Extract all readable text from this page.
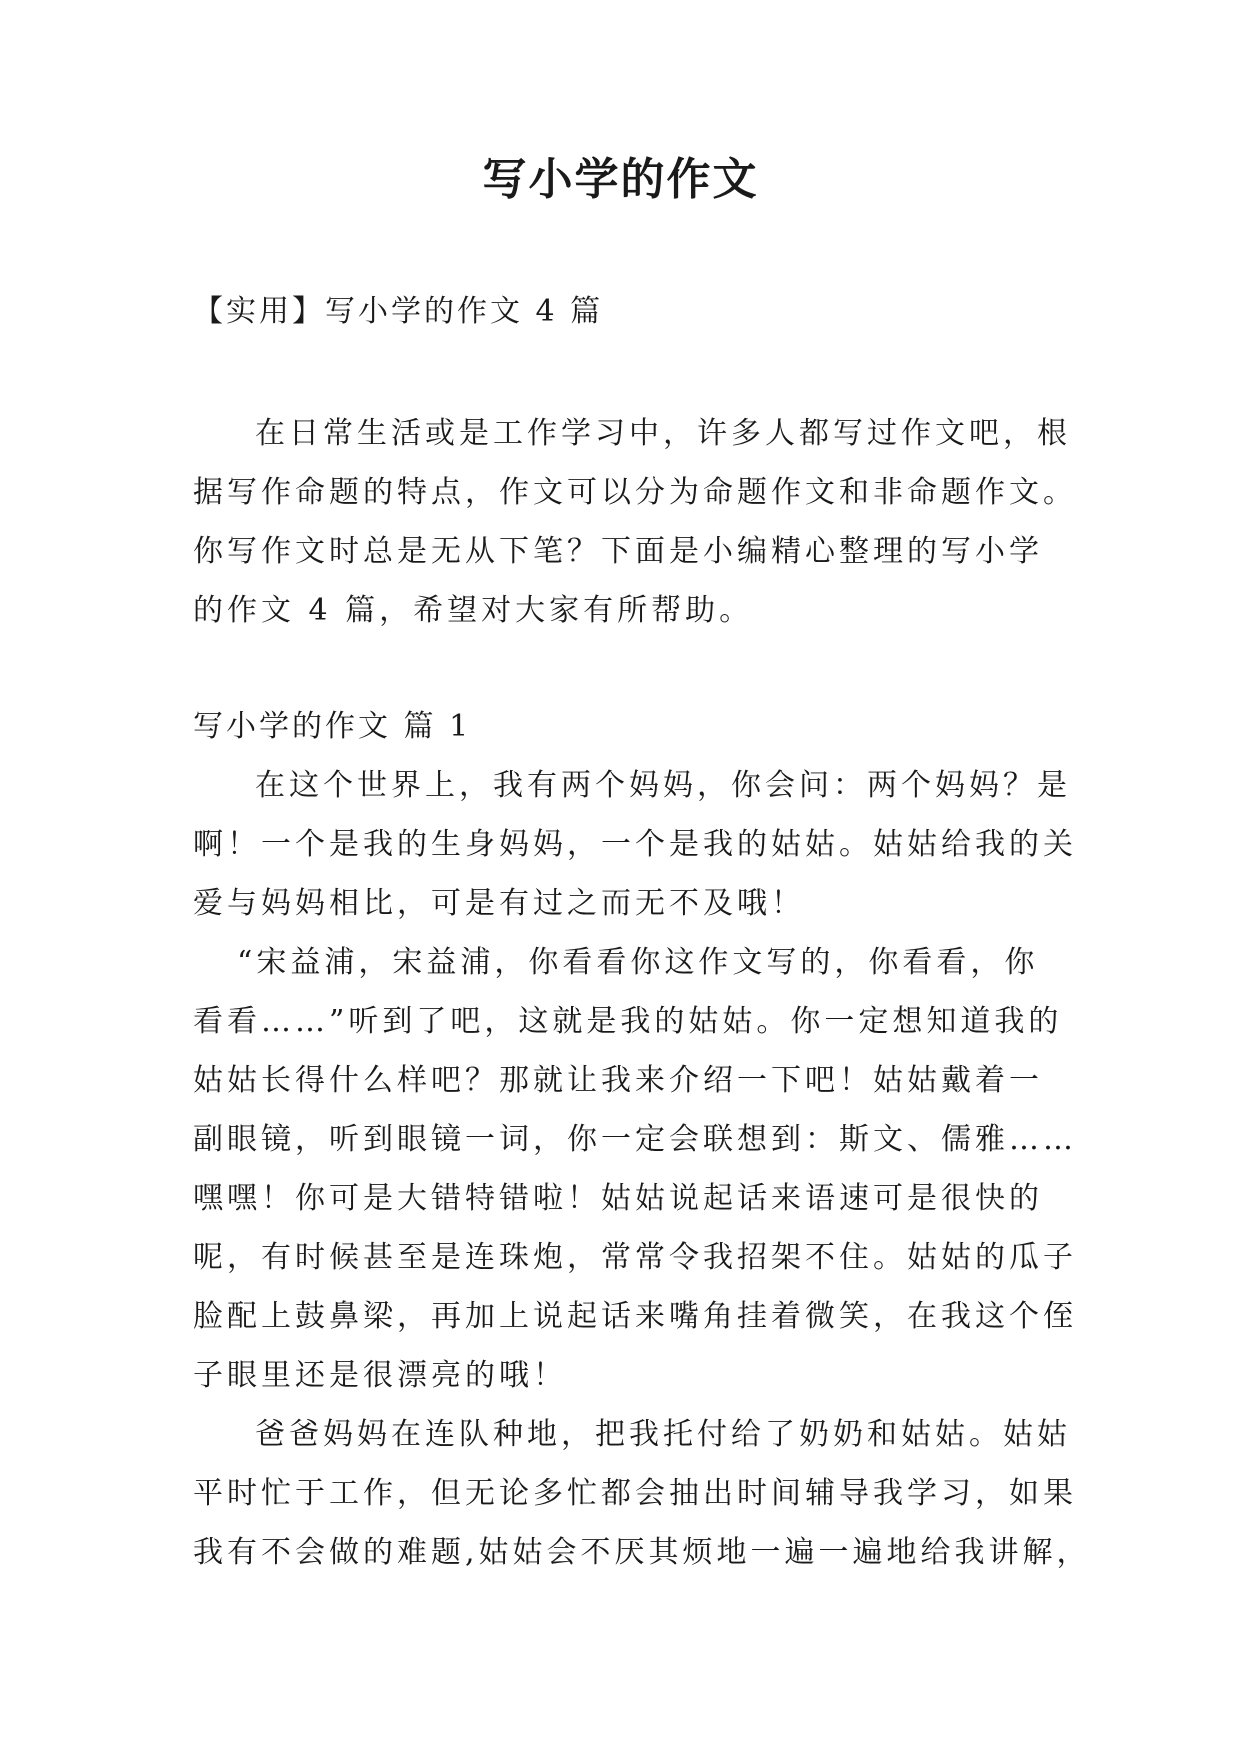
写小学的作文
【实用】写小学的作文 4 篇

在日常生活或是工作学习中，许多人都写过作文吧，根

据写作命题的特点，作文可以分为命题作文和非命题作文。

你写作文时总是无从下笔？下面是小编精心整理的写小学

的作文 4 篇，希望对大家有所帮助。

写小学的作文 篇 1

在这个世界上，我有两个妈妈，你会问：两个妈妈？是

啊！一个是我的生身妈妈，一个是我的姑姑。姑姑给我的关

爱与妈妈相比，可是有过之而无不及哦！

“宋益浦，宋益浦，你看看你这作文写的，你看看，你

看看……”听到了吧，这就是我的姑姑。你一定想知道我的

姑姑长得什么样吧？那就让我来介绍一下吧！姑姑戴着一

副眼镜，听到眼镜一词，你一定会联想到：斯文、儒雅……

嘿嘿！你可是大错特错啦！姑姑说起话来语速可是很快的

呢，有时候甚至是连珠炮，常常令我招架不住。姑姑的瓜子

脸配上鼓鼻梁，再加上说起话来嘴角挂着微笑，在我这个侄

子眼里还是很漂亮的哦！

爸爸妈妈在连队种地，把我托付给了奶奶和姑姑。姑姑

平时忙于工作，但无论多忙都会抽出时间辅导我学习，如果

我有不会做的难题,姑姑会不厌其烦地一遍一遍地给我讲解，
